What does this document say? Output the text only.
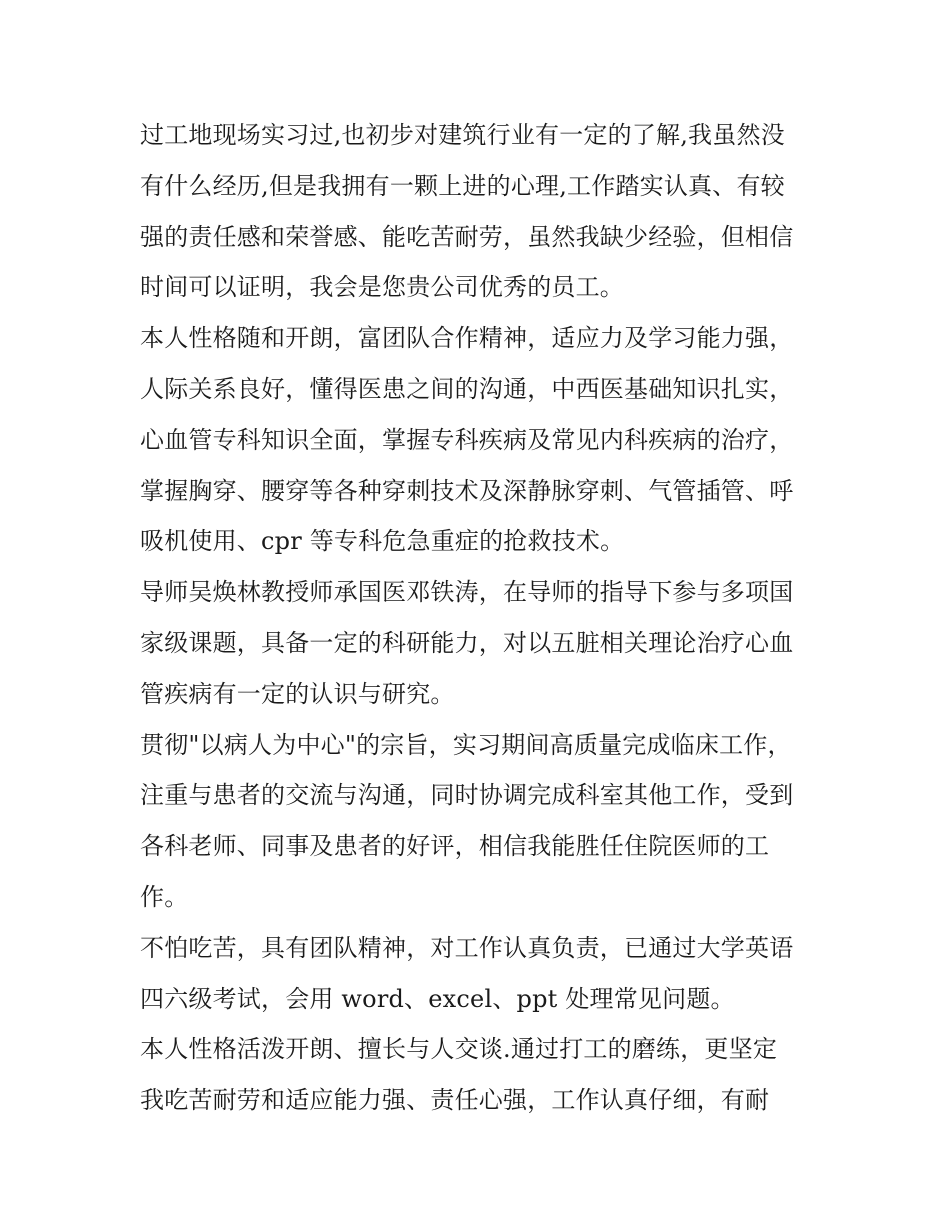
过工地现场实习过,也初步对建筑行业有一定的了解,我虽然没
有什么经历,但是我拥有一颗上进的心理,工作踏实认真、有较
强的责任感和荣誉感、能吃苦耐劳，虽然我缺少经验，但相信
时间可以证明，我会是您贵公司优秀的员工。
本人性格随和开朗，富团队合作精神，适应力及学习能力强，
人际关系良好，懂得医患之间的沟通，中西医基础知识扎实，
心血管专科知识全面，掌握专科疾病及常见内科疾病的治疗，
掌握胸穿、腰穿等各种穿刺技术及深静脉穿刺、气管插管、呼
吸机使用、cpr 等专科危急重症的抢救技术。
导师吴焕林教授师承国医邓铁涛，在导师的指导下参与多项国
家级课题，具备一定的科研能力，对以五脏相关理论治疗心血
管疾病有一定的认识与研究。
贯彻"以病人为中心"的宗旨，实习期间高质量完成临床工作，
注重与患者的交流与沟通，同时协调完成科室其他工作，受到
各科老师、同事及患者的好评，相信我能胜任住院医师的工
作。
不怕吃苦，具有团队精神，对工作认真负责，已通过大学英语
四六级考试，会用 word、excel、ppt 处理常见问题。
本人性格活泼开朗、擅长与人交谈.通过打工的磨练，更坚定
我吃苦耐劳和适应能力强、责任心强，工作认真仔细，有耐
